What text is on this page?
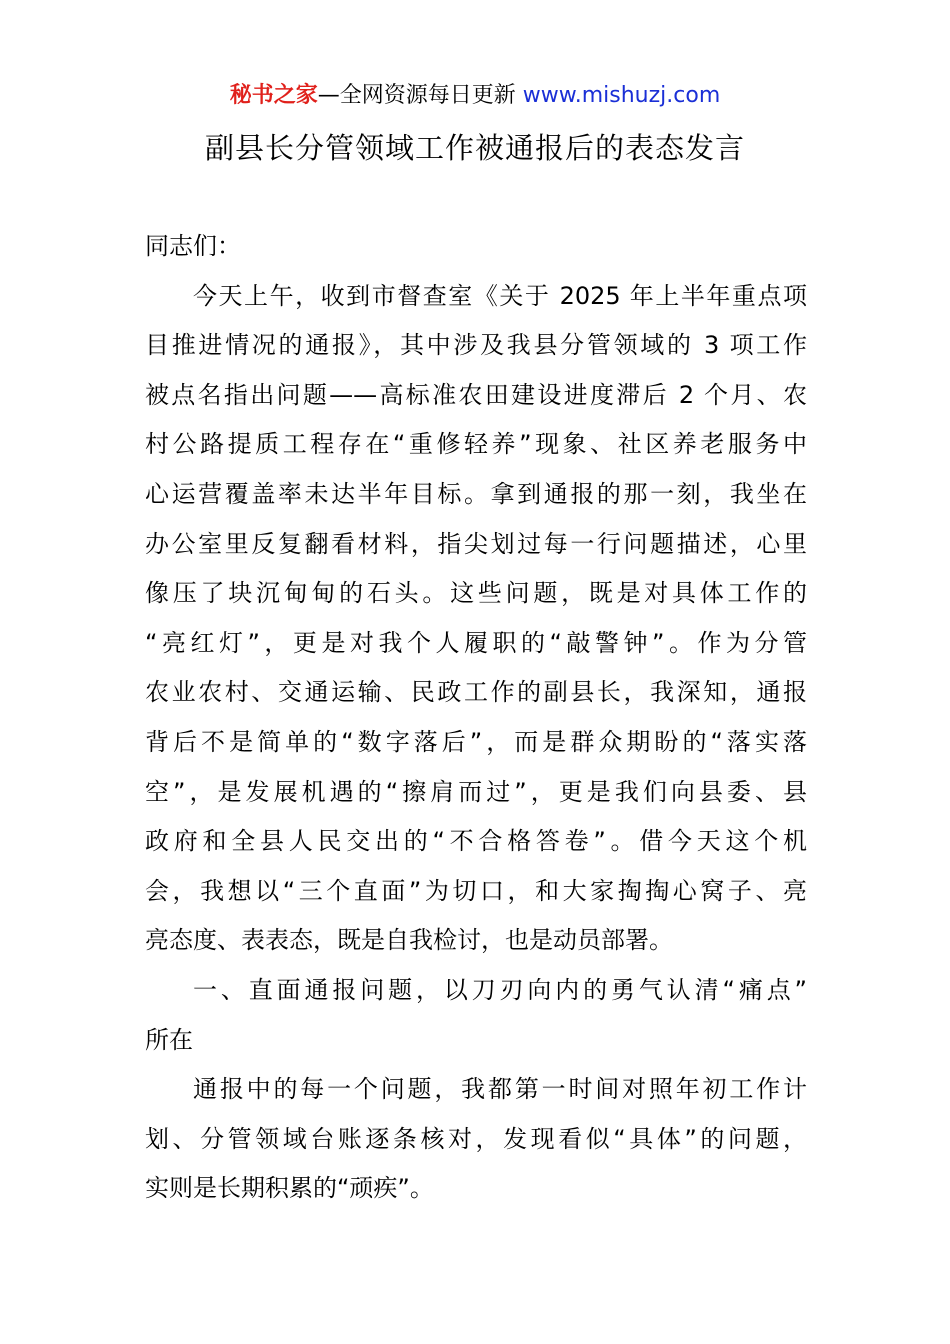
秘书之家—全网资源每日更新 www.mishuzj.com
副县长分管领域工作被通报后的表态发言
同志们：
今天上午，收到市督查室《关于 2025 年上半年重点项
目推进情况的通报》，其中涉及我县分管领域的 3 项工作
被点名指出问题——高标准农田建设进度滞后 2 个月、农
村公路提质工程存在“重修轻养”现象、社区养老服务中
心运营覆盖率未达半年目标。拿到通报的那一刻，我坐在
办公室里反复翻看材料，指尖划过每一行问题描述，心里
像压了块沉甸甸的石头。这些问题，既是对具体工作的
“亮红灯”，更是对我个人履职的“敲警钟”。作为分管
农业农村、交通运输、民政工作的副县长，我深知，通报
背后不是简单的“数字落后”，而是群众期盼的“落实落
空”，是发展机遇的“擦肩而过”，更是我们向县委、县
政府和全县人民交出的“不合格答卷”。借今天这个机
会，我想以“三个直面”为切口，和大家掏掏心窝子、亮
亮态度、表表态，既是自我检讨，也是动员部署。
一、直面通报问题，以刀刃向内的勇气认清“痛点”
所在
通报中的每一个问题，我都第一时间对照年初工作计
划、分管领域台账逐条核对，发现看似“具体”的问题，
实则是长期积累的“顽疾”。
